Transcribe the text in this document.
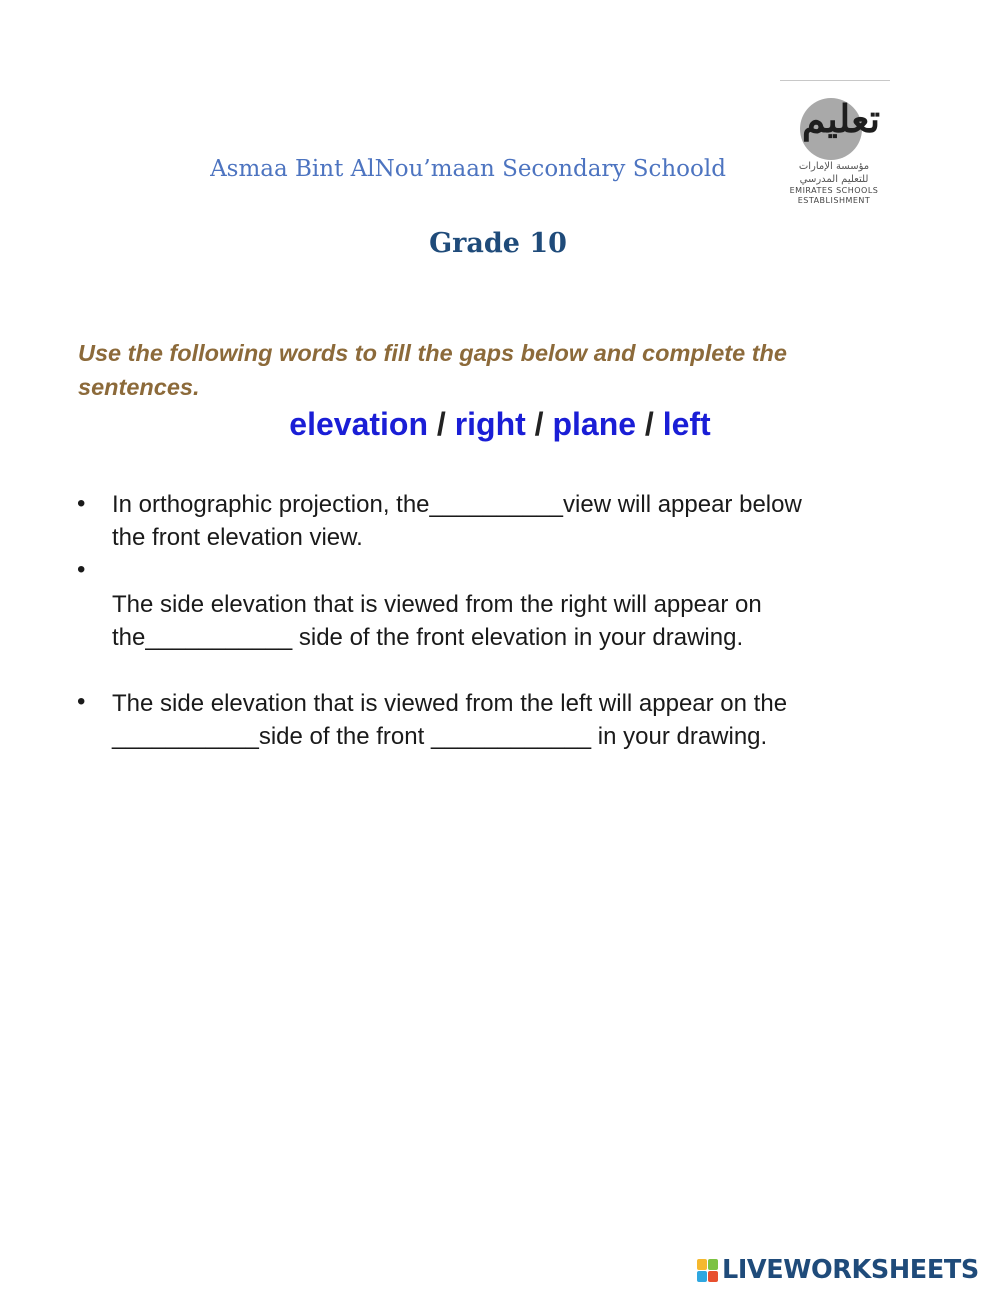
Asmaa Bint AlNou’maan Secondary Schoold
Grade 10
تعليم
مؤسسة الإمارات
للتعليم المدرسي
EMIRATES SCHOOLS
ESTABLISHMENT
Use the following words to fill the gaps below and complete the
sentences.
elevation / right / plane / left
• In orthographic projection, the__________view will appear below
the front elevation view.
•
The side elevation that is viewed from the right will appear on
the___________ side of the front elevation in your drawing.
• The side elevation that is viewed from the left will appear on the
___________side of the front ____________ in your drawing.
LIVEWORKSHEETS
